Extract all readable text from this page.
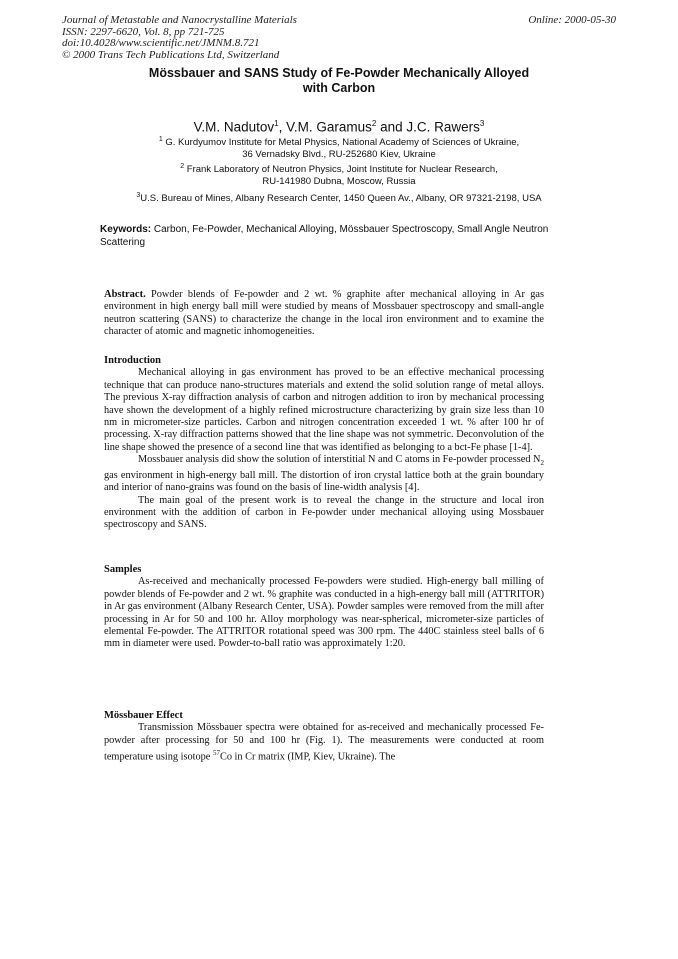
Journal of Metastable and Nanocrystalline Materials
ISSN: 2297-6620, Vol. 8, pp 721-725
doi:10.4028/www.scientific.net/JMNM.8.721
© 2000 Trans Tech Publications Ltd, Switzerland
Online: 2000-05-30
Mössbauer and SANS Study of Fe-Powder Mechanically Alloyed
with Carbon
V.M. Nadutov$^1$, V.M. Garamus$^2$ and J.C. Rawers$^3$
$^1$ G. Kurdyumov Institute for Metal Physics, National Academy of Sciences of Ukraine,
36 Vernadsky Blvd., RU-252680 Kiev, Ukraine
$^2$ Frank Laboratory of Neutron Physics, Joint Institute for Nuclear Research,
RU-141980 Dubna, Moscow, Russia
$^3$U.S. Bureau of Mines, Albany Research Center, 1450 Queen Av., Albany, OR 97321-2198, USA
Keywords: Carbon, Fe-Powder, Mechanical Alloying, Mössbauer Spectroscopy, Small Angle Neutron Scattering

Abstract. Powder blends of Fe-powder and 2 wt. % graphite after mechanical alloying in Ar gas environment in high energy ball mill were studied by means of Mossbauer spectroscopy and small-angle neutron scattering (SANS) to characterize the change in the local iron environment and to examine the character of atomic and magnetic inhomogeneities.

Introduction

Mechanical alloying in gas environment has proved to be an effective mechanical processing technique that can produce nano-structures materials and extend the solid solution range of metal alloys. The previous X-ray diffraction analysis of carbon and nitrogen addition to iron by mechanical processing have shown the development of a highly refined microstructure characterizing by grain size less than 10 nm in micrometer-size particles. Carbon and nitrogen concentration exceeded 1 wt. % after 100 hr of processing. X-ray diffraction patterns showed that the line shape was not symmetric. Deconvolution of the line shape showed the presence of a second line that was identified as belonging to a bct-Fe phase [1-4].

Mossbauer analysis did show the solution of interstitial N and C atoms in Fe-powder processed $N_2$ gas environment in high-energy ball mill. The distortion of iron crystal lattice both at the grain boundary and interior of nano-grains was found on the basis of line-width analysis [4].

The main goal of the present work is to reveal the change in the structure and local iron environment with the addition of carbon in Fe-powder under mechanical alloying using Mossbauer spectroscopy and SANS.

Samples

As-received and mechanically processed Fe-powders were studied. High-energy ball milling of powder blends of Fe-powder and 2 wt. % graphite was conducted in a high-energy ball mill (ATTRITOR) in Ar gas environment (Albany Research Center, USA). Powder samples were removed from the mill after processing in Ar for 50 and 100 hr. Alloy morphology was near-spherical, micrometer-size particles of elemental Fe-powder. The ATTRITOR rotational speed was 300 rpm. The 440C stainless steel balls of 6 mm in diameter were used. Powder-to-ball ratio was approximately 1:20.

Mössbauer Effect

Transmission Mössbauer spectra were obtained for as-received and mechanically processed Fe-powder after processing for 50 and 100 hr (Fig. 1). The measurements were conducted at room temperature using isotope $^{57}$Co in Cr matrix (IMP, Kiev, Ukraine). The
